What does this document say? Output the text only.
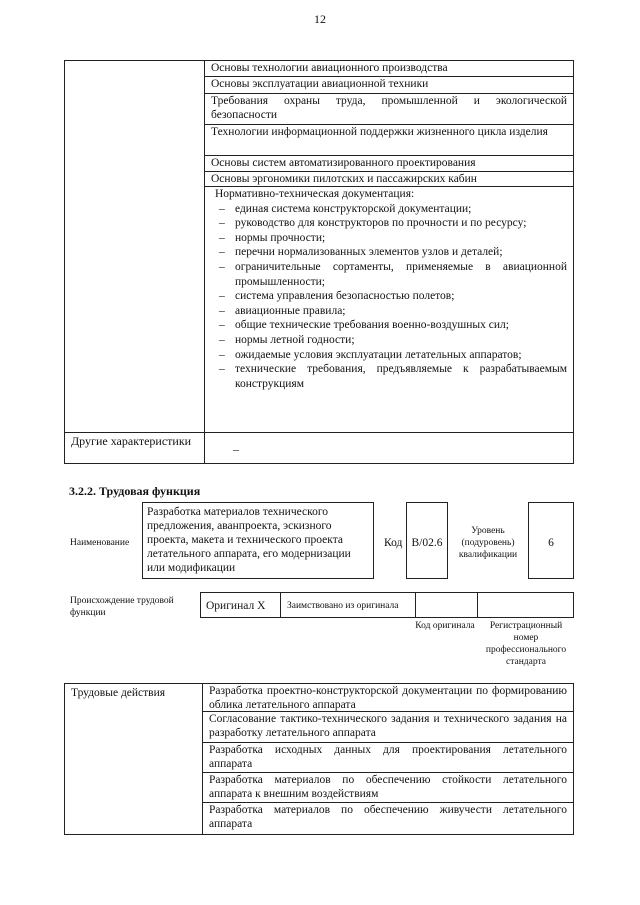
12
Основы технологии авиационного производства
Основы эксплуатации авиационной техники
Требования охраны труда, промышленной и экологической безопасности
Технологии информационной поддержки жизненного цикла изделия
Основы систем автоматизированного проектирования
Основы эргономики пилотских и пассажирских кабин
Нормативно-техническая документация:
– единая система конструкторской документации;
– руководство для конструкторов по прочности и по ресурсу;
– нормы прочности;
– перечни нормализованных элементов узлов и деталей;
– ограничительные сортаменты, применяемые в авиационной промышленности;
– система управления безопасностью полетов;
– авиационные правила;
– общие технические требования военно-воздушных сил;
– нормы летной годности;
– ожидаемые условия эксплуатации летательных аппаратов;
– технические требования, предъявляемые к разрабатываемым конструкциям
Другие характеристики
–
3.2.2. Трудовая функция
Наименование
Разработка материалов технического предложения, аванпроекта, эскизного проекта, макета и технического проекта летательного аппарата, его модернизации или модификации
Код В/02.6
Уровень (подуровень) квалификации
6
Происхождение трудовой функции
Оригинал X Заимствовано из оригинала
Код оригинала	Регистрационный номер профессионального стандарта
Трудовые действия	Разработка проектно-конструкторской документации по формированию облика летательного аппарата
Согласование тактико-технического задания и технического задания на разработку летательного аппарата
Разработка исходных данных для проектирования летательного аппарата
Разработка материалов по обеспечению стойкости летательного аппарата к внешним воздействиям
Разработка материалов по обеспечению живучести летательного аппарата
